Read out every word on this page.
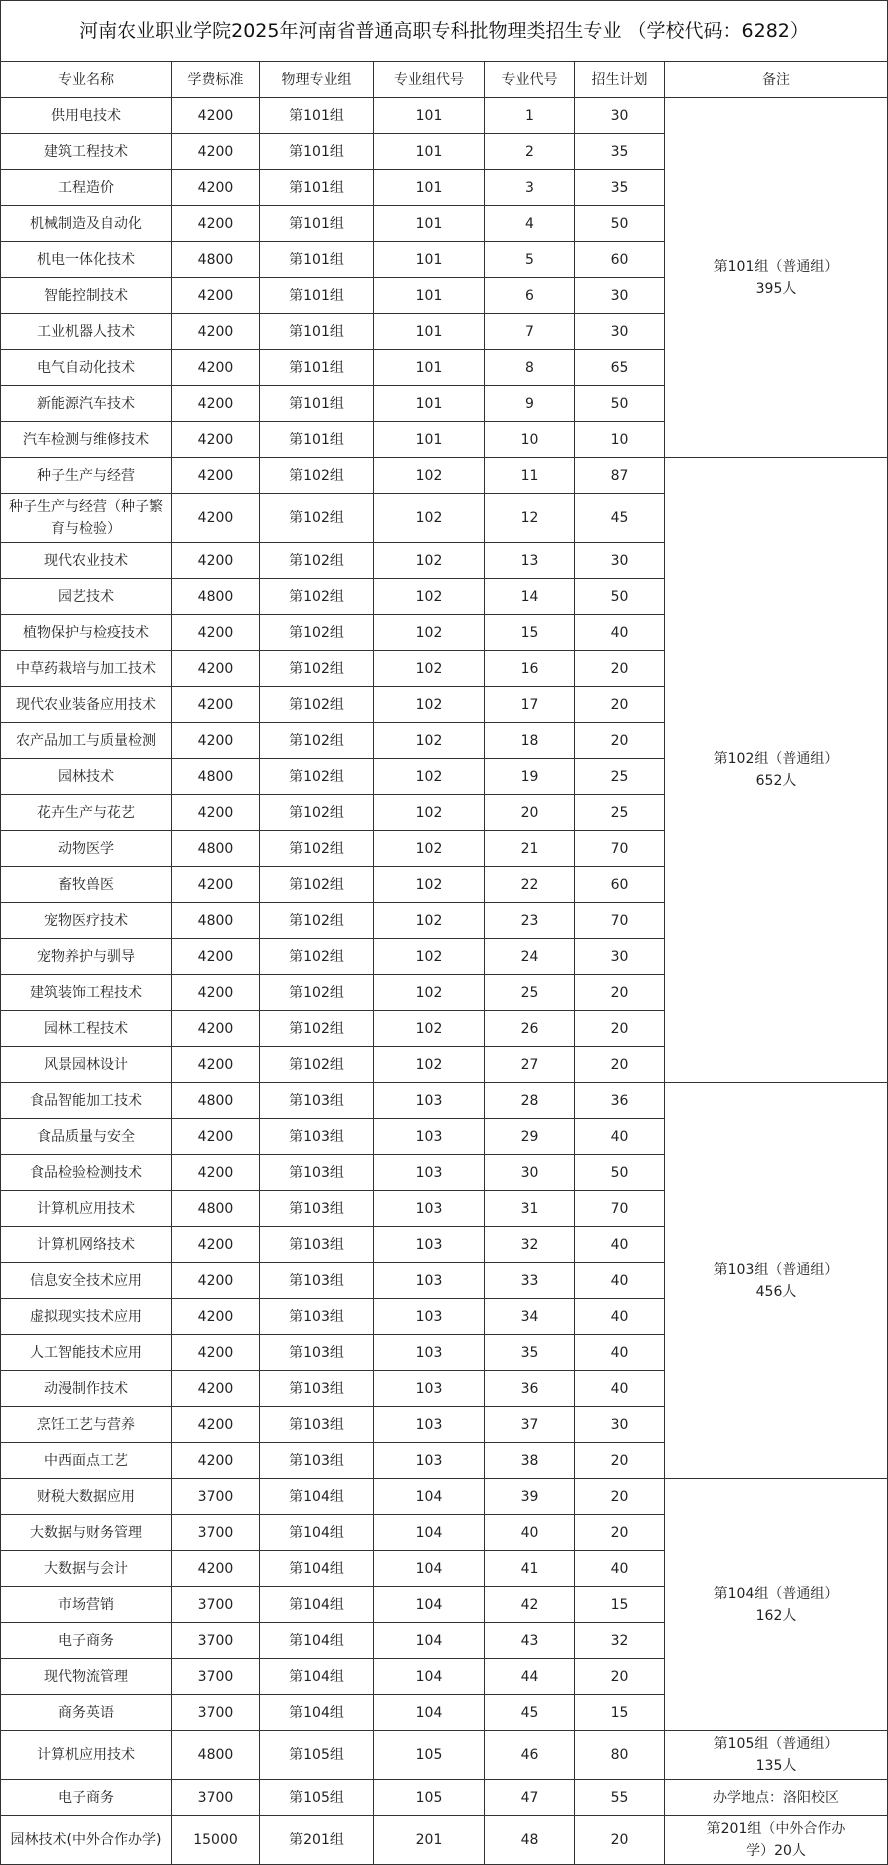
河南农业职业学院2025年河南省普通高职专科批物理类招生专业 （学校代码：6282）						
专业名称	学费标准	物理专业组	专业组代号	专业代号	招生计划	备注
供用电技术	4200	第101组	101	1	30	第101组（普通组）
395人

建筑工程技术	4200	第101组	101	2	35	
工程造价	4200	第101组	101	3	35	
机械制造及自动化	4200	第101组	101	4	50	
机电一体化技术	4800	第101组	101	5	60	
智能控制技术	4200	第101组	101	6	30	
工业机器人技术	4200	第101组	101	7	30	
电气自动化技术	4200	第101组	101	8	65	
新能源汽车技术	4200	第101组	101	9	50	
汽车检测与维修技术	4200	第101组	101	10	10	
种子生产与经营	4200	第102组	102	11	87	第102组（普通组）
652人

种子生产与经营（种子繁育与检验）	4200	第102组	102	12	45	
现代农业技术	4200	第102组	102	13	30	
园艺技术	4800	第102组	102	14	50	
植物保护与检疫技术	4200	第102组	102	15	40	
中草药栽培与加工技术	4200	第102组	102	16	20	
现代农业装备应用技术	4200	第102组	102	17	20	
农产品加工与质量检测	4200	第102组	102	18	20	
园林技术	4800	第102组	102	19	25	
花卉生产与花艺	4200	第102组	102	20	25	
动物医学	4800	第102组	102	21	70	
畜牧兽医	4200	第102组	102	22	60	
宠物医疗技术	4800	第102组	102	23	70	
宠物养护与驯导	4200	第102组	102	24	30	
建筑装饰工程技术	4200	第102组	102	25	20	
园林工程技术	4200	第102组	102	26	20	
风景园林设计	4200	第102组	102	27	20	
食品智能加工技术	4800	第103组	103	28	36	第103组（普通组）
456人

食品质量与安全	4200	第103组	103	29	40	
食品检验检测技术	4200	第103组	103	30	50	
计算机应用技术	4800	第103组	103	31	70	
计算机网络技术	4200	第103组	103	32	40	
信息安全技术应用	4200	第103组	103	33	40	
虚拟现实技术应用	4200	第103组	103	34	40	
人工智能技术应用	4200	第103组	103	35	40	
动漫制作技术	4200	第103组	103	36	40	
烹饪工艺与营养	4200	第103组	103	37	30	
中西面点工艺	4200	第103组	103	38	20	
财税大数据应用	3700	第104组	104	39	20	第104组（普通组）
162人

大数据与财务管理	3700	第104组	104	40	20	
大数据与会计	4200	第104组	104	41	40	
市场营销	3700	第104组	104	42	15	
电子商务	3700	第104组	104	43	32	
现代物流管理	3700	第104组	104	44	20	
商务英语	3700	第104组	104	45	15	
计算机应用技术	4800	第105组	105	46	80	第105组（普通组）
135人

电子商务	3700	第105组	105	47	55	办学地点：洛阳校区

园林技术(中外合作办学)	15000	第201组	201	48	20	第201组（中外合作办
学）20人
